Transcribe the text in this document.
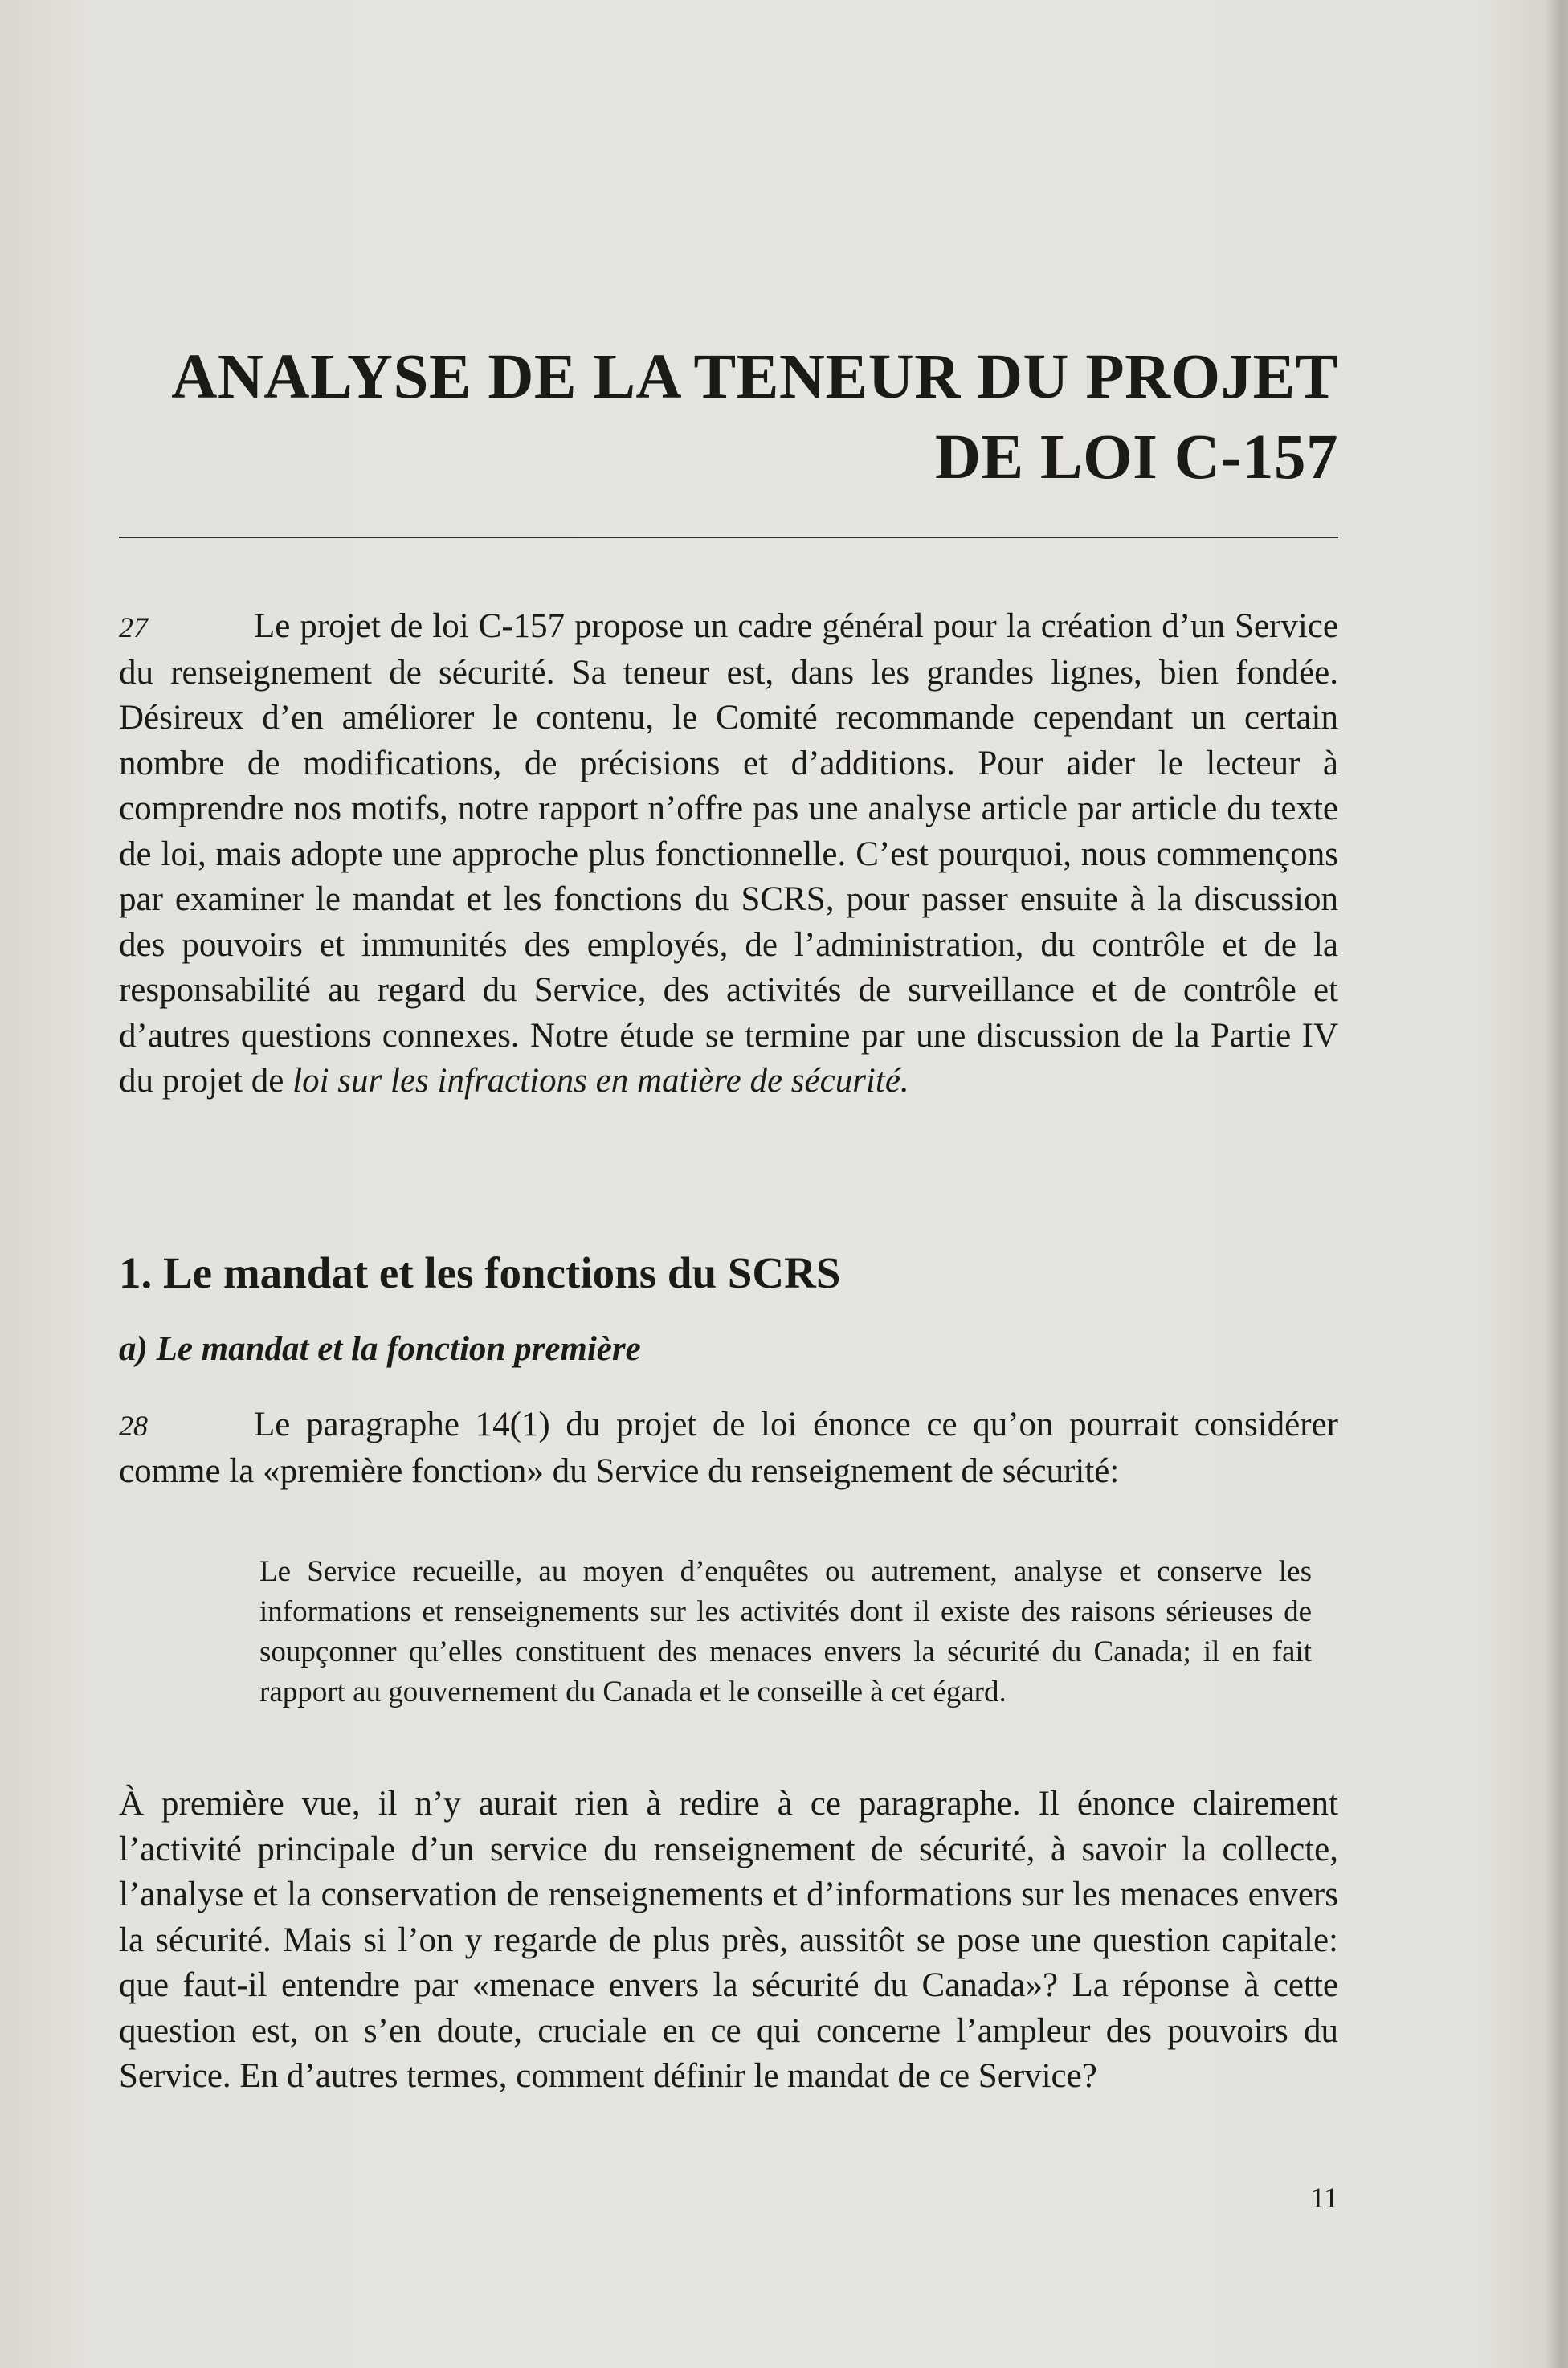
ANALYSE DE LA TENEUR DU PROJET
DE LOI C-157

27	Le projet de loi C-157 propose un cadre général pour la création d’un Service du renseignement de sécurité. Sa teneur est, dans les grandes lignes, bien fondée. Désireux d’en améliorer le contenu, le Comité recommande cependant un certain nombre de modifications, de précisions et d’additions. Pour aider le lecteur à comprendre nos motifs, notre rapport n’offre pas une analyse article par article du texte de loi, mais adopte une approche plus fonctionnelle. C’est pourquoi, nous commençons par examiner le mandat et les fonctions du SCRS, pour passer ensuite à la discussion des pouvoirs et immunités des employés, de l’administration, du contrôle et de la responsabilité au regard du Service, des activités de surveillance et de contrôle et d’autres questions connexes. Notre étude se termine par une discussion de la Partie IV du projet de loi sur les infractions en matière de sécurité.

1. Le mandat et les fonctions du SCRS
a) Le mandat et la fonction première

28	Le paragraphe 14(1) du projet de loi énonce ce qu’on pourrait considérer comme la «première fonction» du Service du renseignement de sécurité:

Le Service recueille, au moyen d’enquêtes ou autrement, analyse et conserve les informations et renseignements sur les activités dont il existe des raisons sérieuses de soupçonner qu’elles constituent des menaces envers la sécurité du Canada; il en fait rapport au gouvernement du Canada et le conseille à cet égard.

À première vue, il n’y aurait rien à redire à ce paragraphe. Il énonce clairement l’activité principale d’un service du renseignement de sécurité, à savoir la collecte, l’analyse et la conservation de renseignements et d’informations sur les menaces envers la sécurité. Mais si l’on y regarde de plus près, aussitôt se pose une question capitale: que faut-il entendre par «menace envers la sécurité du Canada»? La réponse à cette question est, on s’en doute, cruciale en ce qui concerne l’ampleur des pouvoirs du Service. En d’autres termes, comment définir le mandat de ce Service?

11
